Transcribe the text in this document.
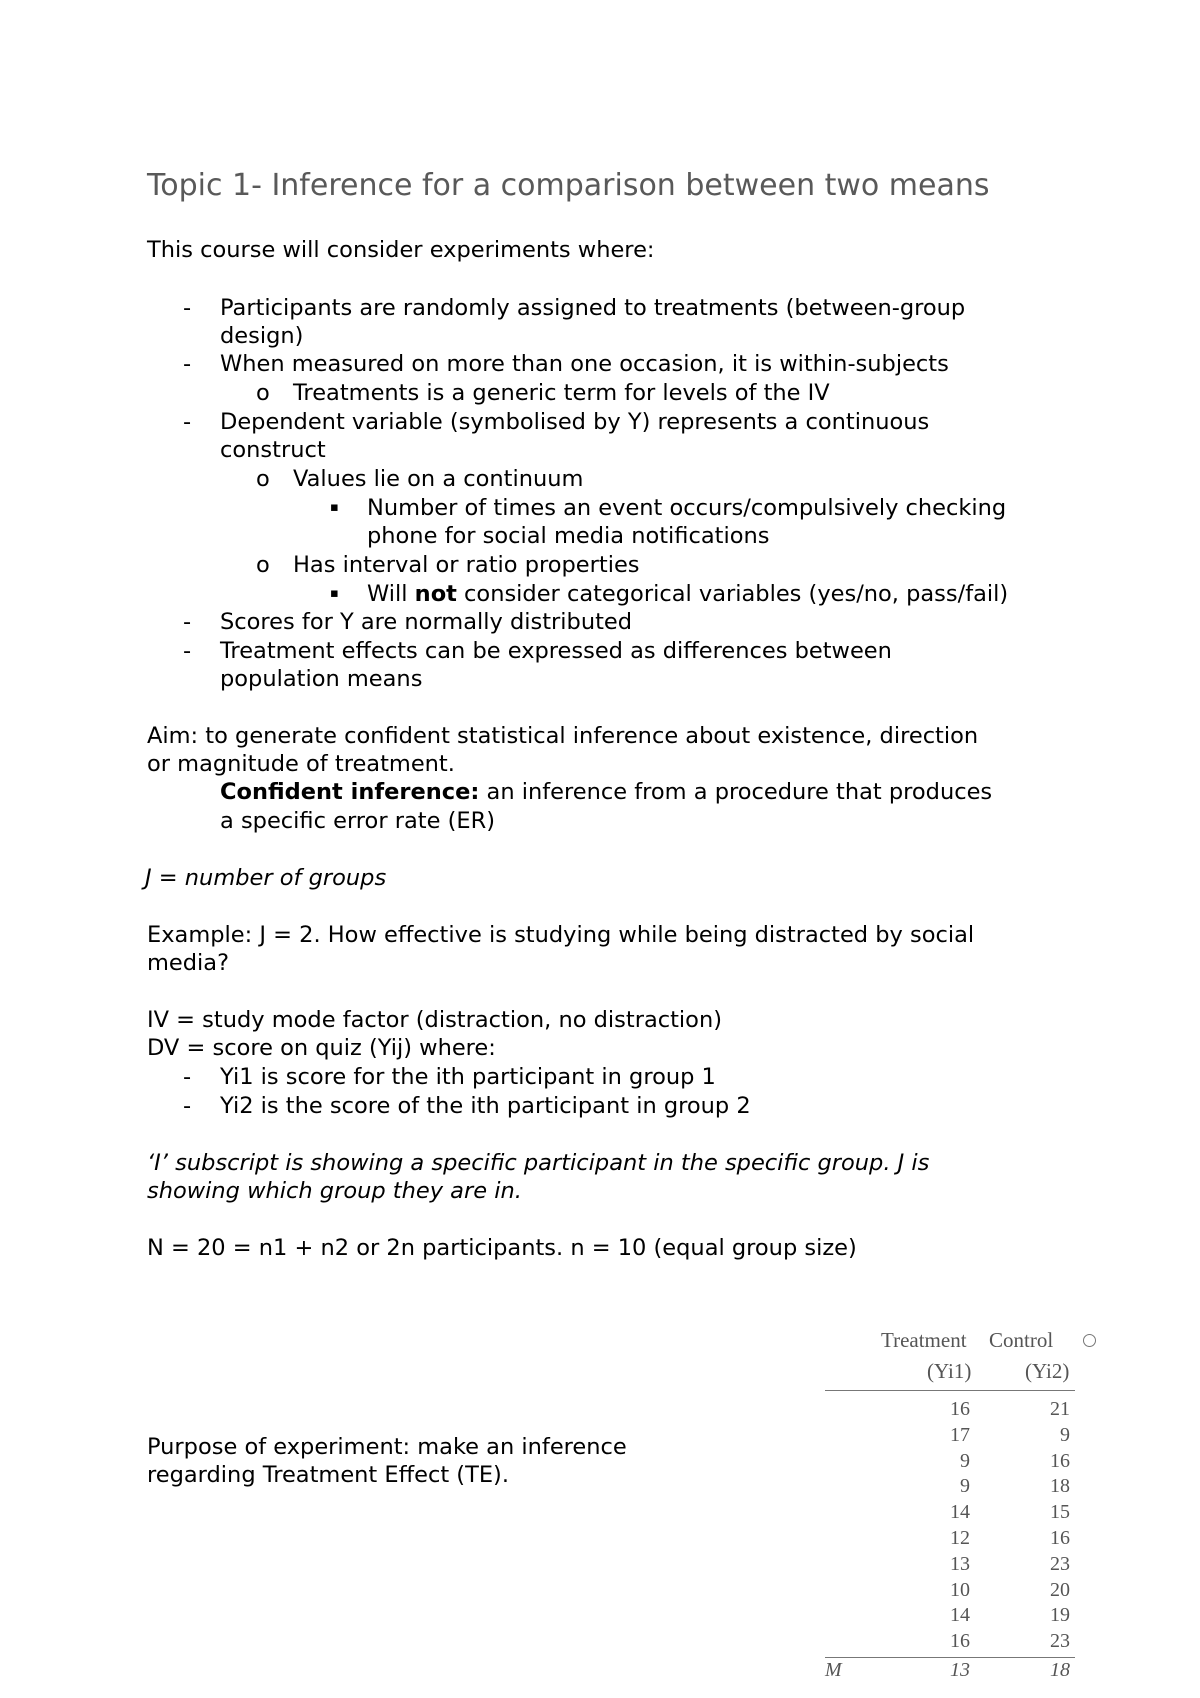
Topic 1- Inference for a comparison between two means
This course will consider experiments where:
- Participants are randomly assigned to treatments (between-group
design)
- When measured on more than one occasion, it is within-subjects
o Treatments is a generic term for levels of the IV
- Dependent variable (symbolised by Y) represents a continuous
construct
o Values lie on a continuum
▪ Number of times an event occurs/compulsively checking
phone for social media notifications
o Has interval or ratio properties
▪ Will not consider categorical variables (yes/no, pass/fail)
- Scores for Y are normally distributed
- Treatment effects can be expressed as differences between
population means
Aim: to generate confident statistical inference about existence, direction
or magnitude of treatment.
Confident inference: an inference from a procedure that produces
a specific error rate (ER)
J = number of groups
Example: J = 2. How effective is studying while being distracted by social
media?
IV = study mode factor (distraction, no distraction)
DV = score on quiz (Yij) where:
- Yi1 is score for the ith participant in group 1
- Yi2 is the score of the ith participant in group 2
‘I’ subscript is showing a specific participant in the specific group. J is
showing which group they are in.
N = 20 = n1 + n2 or 2n participants. n = 10 (equal group size)
Purpose of experiment: make an inference
regarding Treatment Effect (TE).
Treatment Control
(Yi1)	(Yi2)
16	21
17	9
9	16
9	18
14	15
12	16
13	23
10	20
14	19
16	23
M	13	18
